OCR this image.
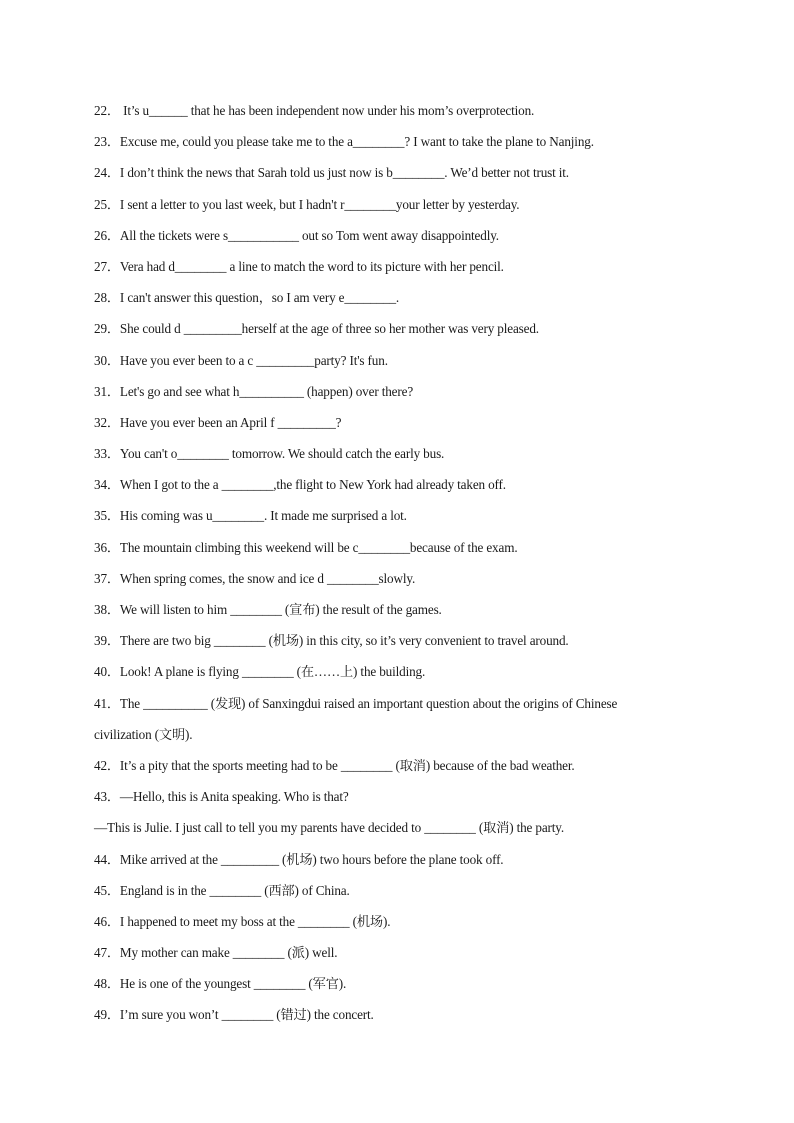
22． It’s u______ that he has been independent now under his mom’s overprotection.
23．Excuse me, could you please take me to the a________? I want to take the plane to Nanjing.
24．I don’t think the news that Sarah told us just now is b________. We’d better not trust it.
25．I sent a letter to you last week, but I hadn't r________your letter by yesterday.
26．All the tickets were s___________ out so Tom went away disappointedly.
27．Vera had d________ a line to match the word to its picture with her pencil.
28．I can't answer this question，so I am very e________.
29．She could d _________herself at the age of three so her mother was very pleased.
30．Have you ever been to a c _________party? It's fun.
31．Let's go and see what h__________ (happen) over there?
32．Have you ever been an April f _________?
33．You can't o________ tomorrow. We should catch the early bus.
34．When I got to the a ________,the flight to New York had already taken off.
35．His coming was u________. It made me surprised a lot.
36．The mountain climbing this weekend will be c________because of the exam.
37．When spring comes, the snow and ice d ________slowly.
38．We will listen to him ________ (宣布) the result of the games.
39．There are two big ________ (机场) in this city, so it’s very convenient to travel around.
40．Look! A plane is flying ________ (在……上) the building.
41．The __________ (发现) of Sanxingdui raised an important question about the origins of Chinese
civilization (文明).
42．It’s a pity that the sports meeting had to be ________ (取消) because of the bad weather.
43．—Hello, this is Anita speaking. Who is that?
—This is Julie. I just call to tell you my parents have decided to ________ (取消) the party.
44．Mike arrived at the _________ (机场) two hours before the plane took off.
45．England is in the ________ (西部) of China.
46．I happened to meet my boss at the ________ (机场).
47．My mother can make ________ (派) well.
48．He is one of the youngest ________ (军官).
49．I’m sure you won’t ________ (错过) the concert.
